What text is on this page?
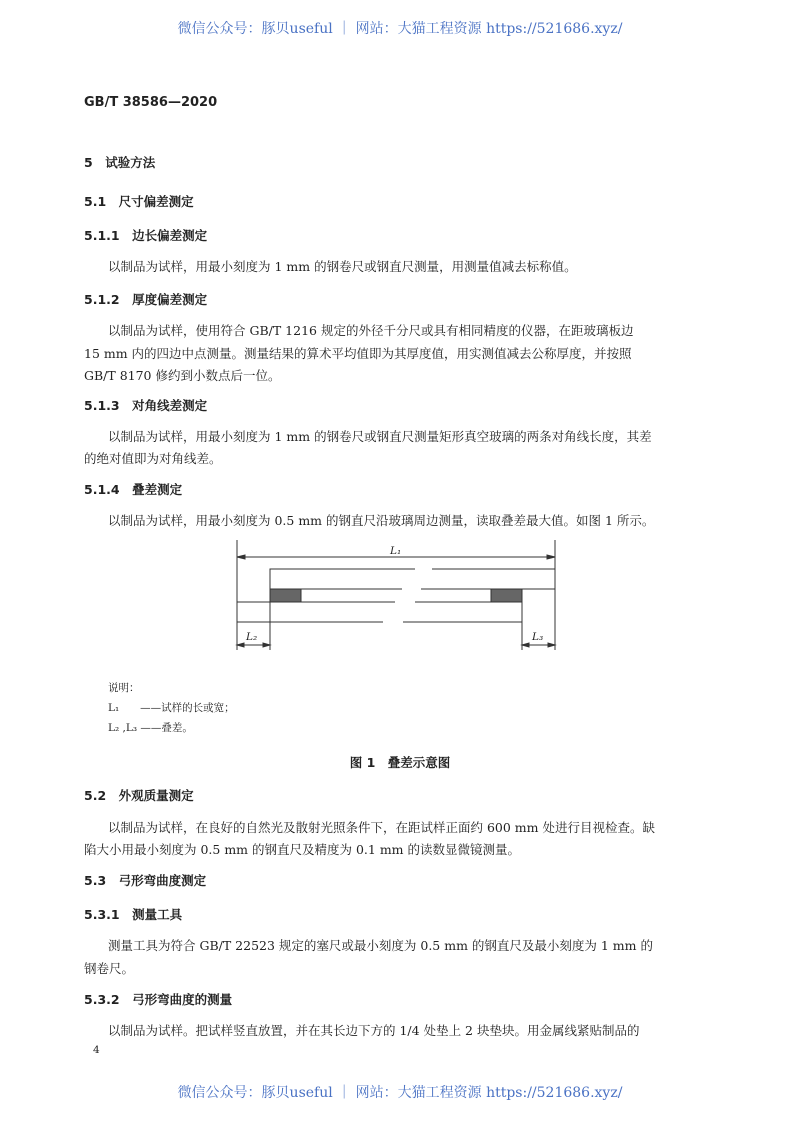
微信公众号：豚贝useful ｜ 网站：大猫工程资源 https://521686.xyz/
GB/T 38586—2020
5　试验方法
5.1　尺寸偏差测定
5.1.1　边长偏差测定
以制品为试样，用最小刻度为 1 mm 的钢卷尺或钢直尺测量，用测量值减去标称值。
5.1.2　厚度偏差测定
以制品为试样，使用符合 GB/T 1216 规定的外径千分尺或具有相同精度的仪器，在距玻璃板边
15 mm 内的四边中点测量。测量结果的算术平均值即为其厚度值，用实测值减去公称厚度，并按照
GB/T 8170 修约到小数点后一位。
5.1.3　对角线差测定
以制品为试样，用最小刻度为 1 mm 的钢卷尺或钢直尺测量矩形真空玻璃的两条对角线长度，其差
的绝对值即为对角线差。
5.1.4　叠差测定
以制品为试样，用最小刻度为 0.5 mm 的钢直尺沿玻璃周边测量，读取叠差最大值。如图 1 所示。
L₁
L₂	L₃
说明：
L₁　　——试样的长或宽；
L₂ ,L₃ ——叠差。
图 1　叠差示意图
5.2　外观质量测定
以制品为试样，在良好的自然光及散射光照条件下，在距试样正面约 600 mm 处进行目视检查。缺
陷大小用最小刻度为 0.5 mm 的钢直尺及精度为 0.1 mm 的读数显微镜测量。
5.3　弓形弯曲度测定
5.3.1　测量工具
测量工具为符合 GB/T 22523 规定的塞尺或最小刻度为 0.5 mm 的钢直尺及最小刻度为 1 mm 的
钢卷尺。
5.3.2　弓形弯曲度的测量
以制品为试样。把试样竖直放置，并在其长边下方的 1/4 处垫上 2 块垫块。用金属线紧贴制品的
4
微信公众号：豚贝useful ｜ 网站：大猫工程资源 https://521686.xyz/
